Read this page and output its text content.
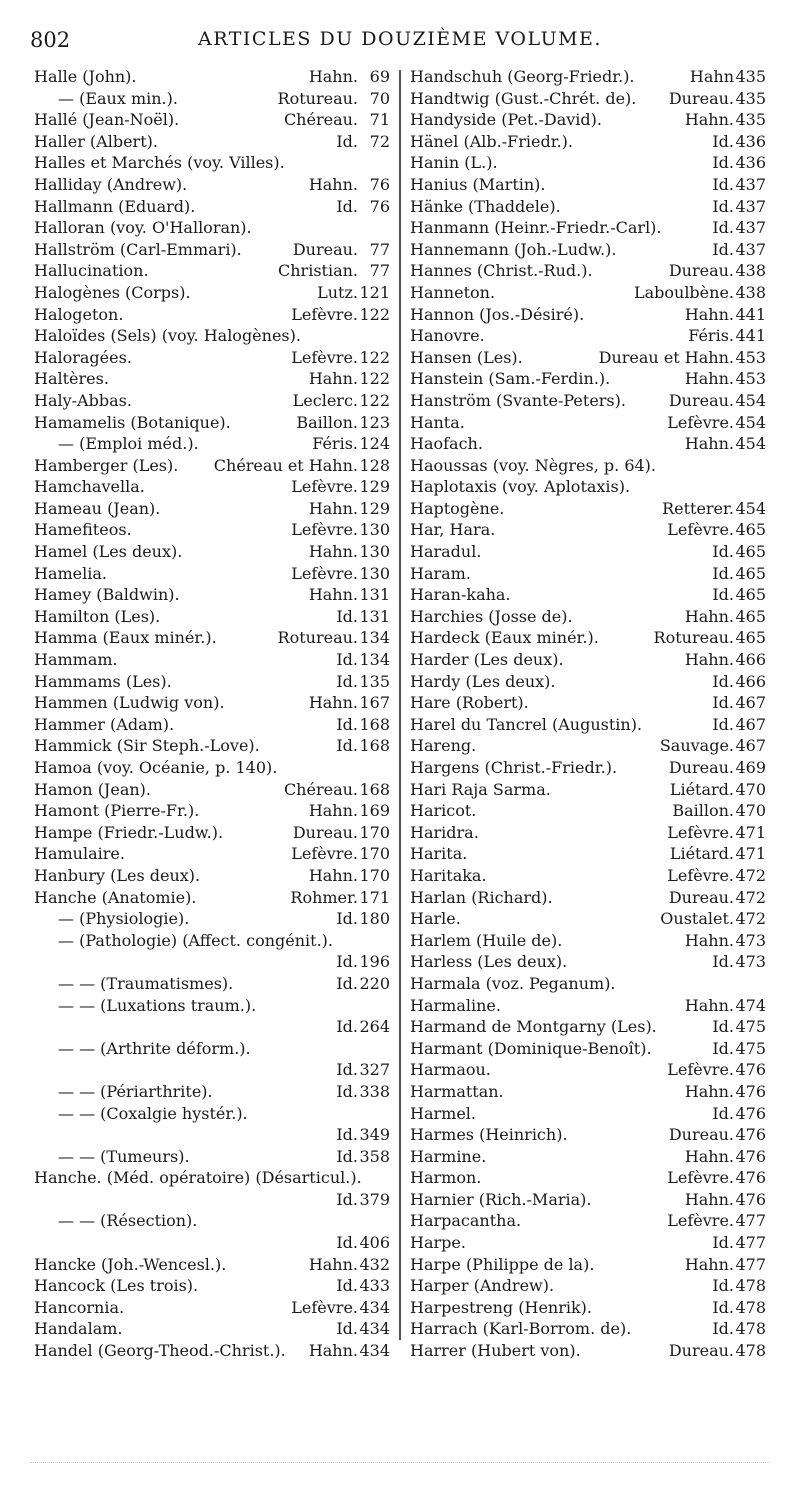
802	ARTICLES DU DOUZIÈME VOLUME.
Halle (John).	Hahn. 69
— (Eaux min.).	Rotureau. 70
Hallé (Jean-Noël).	Chéreau. 71
Haller (Albert).	Id. 72
Halles et Marchés (voy. Villes).
Halliday (Andrew).	Hahn. 76
Hallmann (Eduard).	Id. 76
Halloran (voy. O'Halloran).
Hallström (Carl-Emmari).	Dureau. 77
Hallucination.	Christian. 77
Halogènes (Corps).	Lutz.121
Halogeton.	Lefèvre.122
Haloïdes (Sels) (voy. Halogènes).
Haloragées.	Lefèvre.122
Haltères.	Hahn.122
Haly-Abbas.	Leclerc.122
Hamamelis (Botanique).	Baillon.123
— (Emploi méd.).	Féris.124
Hamberger (Les). Chéreau et Hahn.128
Hamchavella.	Lefèvre.129
Hameau (Jean).	Hahn.129
Hamefiteos.	Lefèvre.130
Hamel (Les deux).	Hahn.130
Hamelia.	Lefèvre.130
Hamey (Baldwin).	Hahn.131
Hamilton (Les).	Id.131
Hamma (Eaux minér.).	Rotureau.134
Hammam.	Id.134
Hammams (Les).	Id.135
Hammen (Ludwig von).	Hahn.167
Hammer (Adam).	Id.168
Hammick (Sir Steph.-Love).	Id.168
Hamoa (voy. Océanie, p. 140).
Hamon (Jean).	Chéreau.168
Hamont (Pierre-Fr.).	Hahn.169
Hampe (Friedr.-Ludw.).	Dureau.170
Hamulaire.	Lefèvre.170
Hanbury (Les deux).	Hahn.170
Hanche (Anatomie).	Rohmer.171
— (Physiologie).	Id.180
— (Pathologie) (Affect. congénit.).
Id.196
— — (Traumatismes).	Id.220
— — (Luxations traum.).
Id.264
— — (Arthrite déform.).
Id.327
— — (Périarthrite).	Id.338
— — (Coxalgie hystér.).
Id.349
— — (Tumeurs).	Id.358
Hanche. (Méd. opératoire) (Désarticul.).
Id.379
— — (Résection).
Id.406
Hancke (Joh.-Wencesl.).	Hahn.432
Hancock (Les trois).	Id.433
Hancornia.	Lefèvre.434
Handalam.	Id.434
Handel (Georg-Theod.-Christ.). Hahn.434
Handschuh (Georg-Friedr.).	Hahn435
Handtwig (Gust.-Chrét. de). Dureau.435
Handyside (Pet.-David).	Hahn.435
Hänel (Alb.-Friedr.).	Id.436
Hanin (L.).	Id.436
Hanius (Martin).	Id.437
Hänke (Thaddele).	Id.437
Hanmann (Heinr.-Friedr.-Carl).	Id.437
Hannemann (Joh.-Ludw.).	Id.437
Hannes (Christ.-Rud.).	Dureau.438
Hanneton.	Laboulbène.438
Hannon (Jos.-Désiré).	Hahn.441
Hanovre.	Féris.441
Hansen (Les).	Dureau et Hahn.453
Hanstein (Sam.-Ferdin.).	Hahn.453
Hanström (Svante-Peters).	Dureau.454
Hanta.	Lefèvre.454
Haofach.	Hahn.454
Haoussas (voy. Nègres, p. 64).
Haplotaxis (voy. Aplotaxis).
Haptogène.	Retterer.454
Har, Hara.	Lefèvre.465
Haradul.	Id.465
Haram.	Id.465
Haran-kaha.	Id.465
Harchies (Josse de).	Hahn.465
Hardeck (Eaux minér.).	Rotureau.465
Harder (Les deux).	Hahn.466
Hardy (Les deux).	Id.466
Hare (Robert).	Id.467
Harel du Tancrel (Augustin).	Id.467
Hareng.	Sauvage.467
Hargens (Christ.-Friedr.).	Dureau.469
Hari Raja Sarma.	Liétard.470
Haricot.	Baillon.470
Haridra.	Lefèvre.471
Harita.	Liétard.471
Haritaka.	Lefèvre.472
Harlan (Richard).	Dureau.472
Harle.	Oustalet.472
Harlem (Huile de).	Hahn.473
Harless (Les deux).	Id.473
Harmala (voz. Peganum).
Harmaline.	Hahn.474
Harmand de Montgarny (Les).	Id.475
Harmant (Dominique-Benoît).	Id.475
Harmaou.	Lefèvre.476
Harmattan.	Hahn.476
Harmel.	Id.476
Harmes (Heinrich).	Dureau.476
Harmine.	Hahn.476
Harmon.	Lefèvre.476
Harnier (Rich.-Maria).	Hahn.476
Harpacantha.	Lefèvre.477
Harpe.	Id.477
Harpe (Philippe de la).	Hahn.477
Harper (Andrew).	Id.478
Harpestreng (Henrik).	Id.478
Harrach (Karl-Borrom. de).	Id.478
Harrer (Hubert von).	Dureau.478
